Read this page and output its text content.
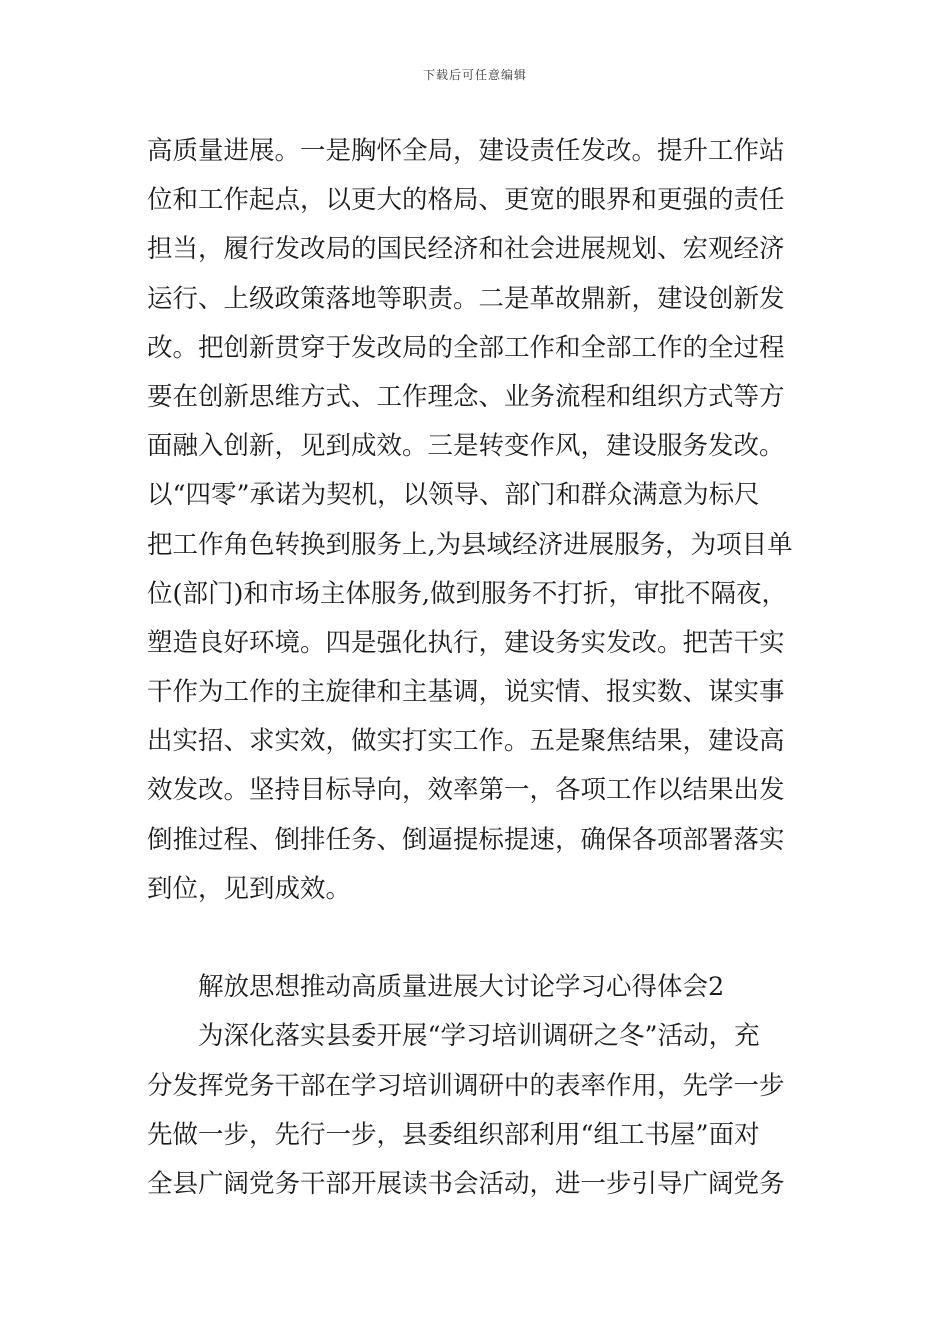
下载后可任意编辑
高质量进展。一是胸怀全局，建设责任发改。提升工作站
位和工作起点，以更大的格局、更宽的眼界和更强的责任
担当，履行发改局的国民经济和社会进展规划、宏观经济
运行、上级政策落地等职责。二是革故鼎新，建设创新发
改。把创新贯穿于发改局的全部工作和全部工作的全过程
要在创新思维方式、工作理念、业务流程和组织方式等方
面融入创新，见到成效。三是转变作风，建设服务发改。
以“四零”承诺为契机，以领导、部门和群众满意为标尺
把工作角色转换到服务上,为县域经济进展服务，为项目单
位(部门)和市场主体服务,做到服务不打折，审批不隔夜，
塑造良好环境。四是强化执行，建设务实发改。把苦干实
干作为工作的主旋律和主基调，说实情、报实数、谋实事
出实招、求实效，做实打实工作。五是聚焦结果，建设高
效发改。坚持目标导向，效率第一，各项工作以结果出发
倒推过程、倒排任务、倒逼提标提速，确保各项部署落实
到位，见到成效。
解放思想推动高质量进展大讨论学习心得体会2
为深化落实县委开展“学习培训调研之冬”活动，充
分发挥党务干部在学习培训调研中的表率作用，先学一步
先做一步，先行一步，县委组织部利用“组工书屋”面对
全县广阔党务干部开展读书会活动，进一步引导广阔党务
